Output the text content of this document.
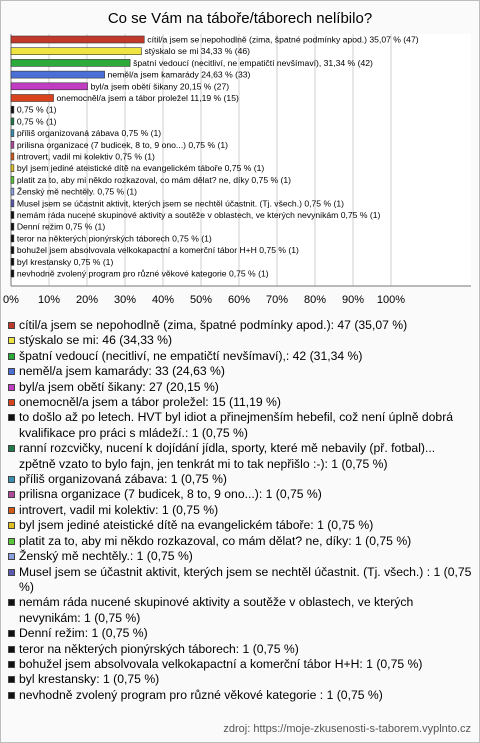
Co se Vám na táboře/táborech nelíbilo?
0% 10% 20% 30% 40% 50% 60% 70% 80% 90% 100%
cítil/a jsem se nepohodlně (zima, špatné podmínky apod.) 35,07 % (47)
stýskalo se mi 34,33 % (46)
špatní vedoucí (necitliví, ne empatičtí nevšímaví), 31,34 % (42)
neměl/a jsem kamarády 24,63 % (33)
byl/a jsem obětí šikany 20,15 % (27)
onemocněl/a jsem a tábor proležel 11,19 % (15)
0,75 % (1)
0,75 % (1)
příliš organizovaná zábava 0,75 % (1)
prilisna organizace (7 budicek, 8 to, 9 ono...) 0,75 % (1)
introvert, vadil mi kolektiv 0,75 % (1)
byl jsem jediné ateistické dítě na evangelickém táboře 0,75 % (1)
platit za to, aby mi někdo rozkazoval, co mám dělat? ne, díky 0,75 % (1)
Ženský mě nechtěly. 0,75 % (1)
Musel jsem se účastnit aktivit, kterých jsem se nechtěl účastnit. (Tj. všech.) 0,75 % (1)
nemám ráda nucené skupinové aktivity a soutěže v oblastech, ve kterých nevynikám 0,75 % (1)
Denní režim 0,75 % (1)
teror na některých pionýrských táborech 0,75 % (1)
bohužel jsem absolvovala velkokapactní a komerční tábor H+H 0,75 % (1)
byl krestansky 0,75 % (1)
nevhodně zvolený program pro různé věkové kategorie 0,75 % (1)
cítil/a jsem se nepohodlně (zima, špatné podmínky apod.): 47 (35,07 %)
stýskalo se mi: 46 (34,33 %)
špatní vedoucí (necitliví, ne empatičtí nevšímaví),: 42 (31,34 %)
neměl/a jsem kamarády: 33 (24,63 %)
byl/a jsem obětí šikany: 27 (20,15 %)
onemocněl/a jsem a tábor proležel: 15 (11,19 %)
to došlo až po letech. HVT byl idiot a přinejmenším hebefil, což není úplně dobrá kvalifikace pro práci s mládeží.: 1 (0,75 %)
ranní rozcvičky, nucení k dojídání jídla, sporty, které mě nebavily (př. fotbal)... zpětně vzato to bylo fajn, jen tenkrát mi to tak nepřišlo :-): 1 (0,75 %)
příliš organizovaná zábava: 1 (0,75 %)
prilisna organizace (7 budicek, 8 to, 9 ono...): 1 (0,75 %)
introvert, vadil mi kolektiv: 1 (0,75 %)
byl jsem jediné ateistické dítě na evangelickém táboře: 1 (0,75 %)
platit za to, aby mi někdo rozkazoval, co mám dělat? ne, díky: 1 (0,75 %)
Ženský mě nechtěly.: 1 (0,75 %)
Musel jsem se účastnit aktivit, kterých jsem se nechtěl účastnit. (Tj. všech.) : 1 (0,75 %)
nemám ráda nucené skupinové aktivity a soutěže v oblastech, ve kterých nevynikám: 1 (0,75 %)
Denní režim: 1 (0,75 %)
teror na některých pionýrských táborech: 1 (0,75 %)
bohužel jsem absolvovala velkokapactní a komerční tábor H+H: 1 (0,75 %)
byl krestansky: 1 (0,75 %)
nevhodně zvolený program pro různé věkové kategorie : 1 (0,75 %)
zdroj: https://moje-zkusenosti-s-taborem.vyplnto.cz
